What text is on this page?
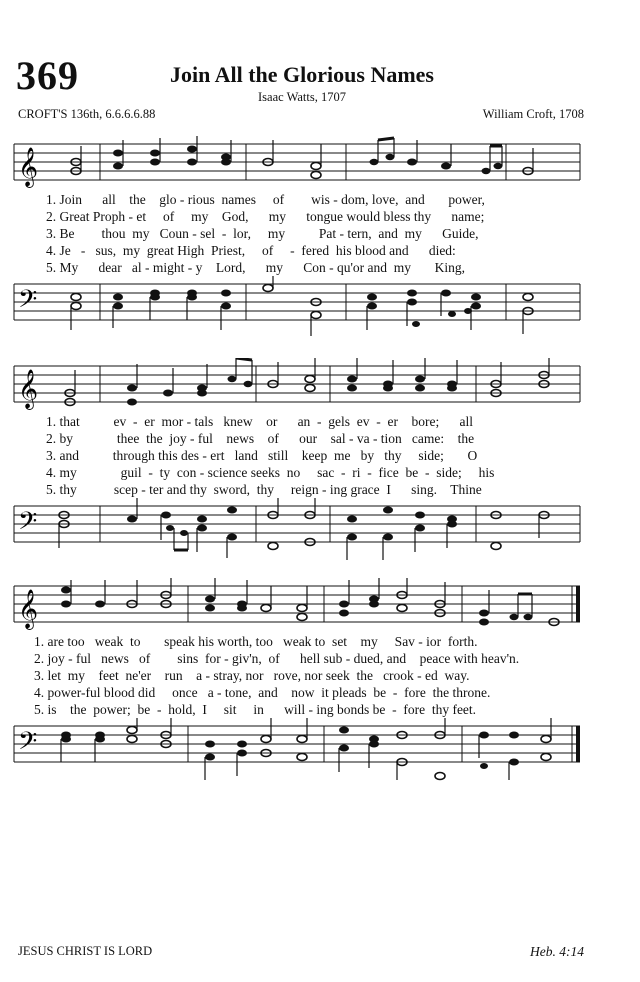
369	Join All the Glorious Names
Isaac Watts, 1707
CROFT'S 136th, 6.6.6.6.88	William Croft, 1708
𝄞
1. Join      all    the    glo - rious  names     of        wis - dom, love,  and       power,
2. Great Proph - et     of     my    God,      my      tongue would bless thy      name;
3. Be        thou  my   Coun - sel  -  lor,     my          Pat - tern,  and  my      Guide,
4. Je   -   sus,  my  great High  Priest,     of     -  fered  his blood and      died:
5. My      dear   al - might - y    Lord,      my      Con - qu'or and  my       King,
𝄢
𝄞
1. that          ev  -  er  mor - tals   knew    or      an  -  gels  ev  -  er    bore;      all
2. by             thee  the  joy - ful    news    of      our    sal - va - tion   came:    the
3. and          through this des - ert   land   still    keep  me   by   thy     side;       O
4. my             guil  -  ty  con - science seeks  no     sac  -  ri  -  fice  be  -  side;     his
5. thy           scep - ter and thy  sword,  thy     reign - ing grace  I      sing.    Thine
𝄢
𝄞
1. are too   weak  to       speak his worth, too   weak to  set    my     Sav - ior  forth.
2. joy - ful   news   of        sins  for - giv'n,  of      hell sub - dued, and    peace with heav'n.
3. let  my    feet  ne'er    run    a - stray, nor   rove, nor seek  the   crook - ed  way.
4. power-ful blood did     once   a - tone,  and    now  it pleads  be  -  fore  the throne.
5. is    the  power;  be  -  hold,  I     sit     in      will - ing bonds be  -  fore  thy feet.
𝄢
JESUS CHRIST IS LORD	Heb. 4:14
